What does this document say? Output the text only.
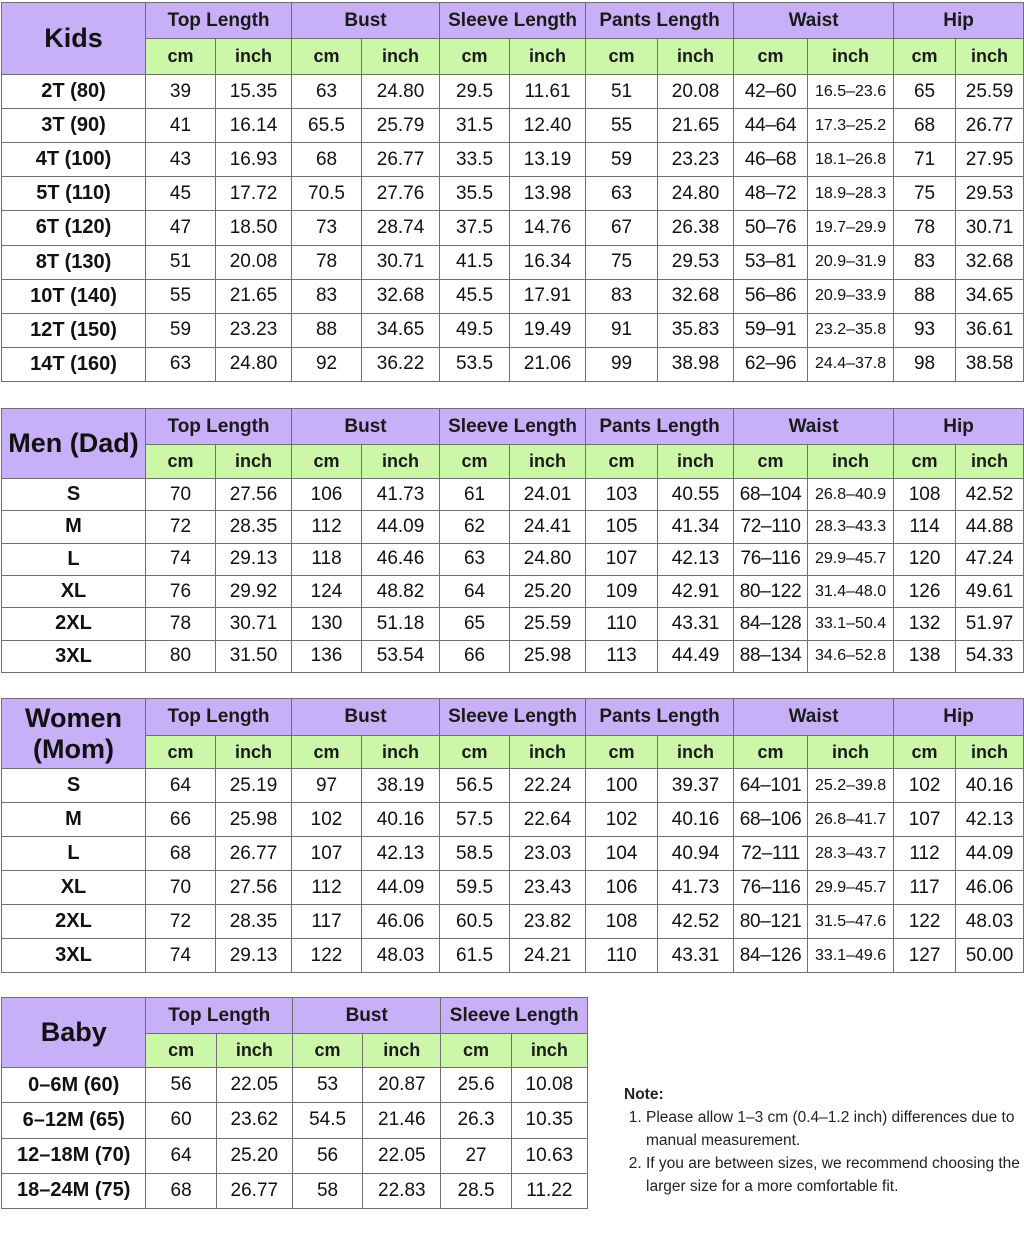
Kids	Top Length		Bust		Sleeve Length		Pants Length		Waist		Hip	
	cm	inch	cm	inch	cm	inch	cm	inch	cm	inch	cm	inch
2T (80)	39	15.35	63	24.80	29.5	11.61	51	20.08	42–60	16.5–23.6	65	25.59
3T (90)	41	16.14	65.5	25.79	31.5	12.40	55	21.65	44–64	17.3–25.2	68	26.77
4T (100)	43	16.93	68	26.77	33.5	13.19	59	23.23	46–68	18.1–26.8	71	27.95
5T (110)	45	17.72	70.5	27.76	35.5	13.98	63	24.80	48–72	18.9–28.3	75	29.53
6T (120)	47	18.50	73	28.74	37.5	14.76	67	26.38	50–76	19.7–29.9	78	30.71
8T (130)	51	20.08	78	30.71	41.5	16.34	75	29.53	53–81	20.9–31.9	83	32.68
10T (140)	55	21.65	83	32.68	45.5	17.91	83	32.68	56–86	20.9–33.9	88	34.65
12T (150)	59	23.23	88	34.65	49.5	19.49	91	35.83	59–91	23.2–35.8	93	36.61
14T (160)	63	24.80	92	36.22	53.5	21.06	99	38.98	62–96	24.4–37.8	98	38.58
Men (Dad)	Top Length		Bust		Sleeve Length		Pants Length		Waist		Hip	
	cm	inch	cm	inch	cm	inch	cm	inch	cm	inch	cm	inch
S	70	27.56	106	41.73	61	24.01	103	40.55	68–104	26.8–40.9	108	42.52
M	72	28.35	112	44.09	62	24.41	105	41.34	72–110	28.3–43.3	114	44.88
L	74	29.13	118	46.46	63	24.80	107	42.13	76–116	29.9–45.7	120	47.24
XL	76	29.92	124	48.82	64	25.20	109	42.91	80–122	31.4–48.0	126	49.61
2XL	78	30.71	130	51.18	65	25.59	110	43.31	84–128	33.1–50.4	132	51.97
3XL	80	31.50	136	53.54	66	25.98	113	44.49	88–134	34.6–52.8	138	54.33
Women (Mom)	Top Length		Bust		Sleeve Length		Pants Length		Waist		Hip	
	cm	inch	cm	inch	cm	inch	cm	inch	cm	inch	cm	inch
S	64	25.19	97	38.19	56.5	22.24	100	39.37	64–101	25.2–39.8	102	40.16
M	66	25.98	102	40.16	57.5	22.64	102	40.16	68–106	26.8–41.7	107	42.13
L	68	26.77	107	42.13	58.5	23.03	104	40.94	72–111	28.3–43.7	112	44.09
XL	70	27.56	112	44.09	59.5	23.43	106	41.73	76–116	29.9–45.7	117	46.06
2XL	72	28.35	117	46.06	60.5	23.82	108	42.52	80–121	31.5–47.6	122	48.03
3XL	74	29.13	122	48.03	61.5	24.21	110	43.31	84–126	33.1–49.6	127	50.00
Baby	Top Length		Bust		Sleeve Length	
	cm	inch	cm	inch	cm	inch
0–6M (60)	56	22.05	53	20.87	25.6	10.08
6–12M (65)	60	23.62	54.5	21.46	26.3	10.35
12–18M (70)	64	25.20	56	22.05	27	10.63
18–24M (75)	68	26.77	58	22.83	28.5	11.22
Note:
1. Please allow 1–3 cm (0.4–1.2 inch) differences due to manual measurement.
2. If you are between sizes, we recommend choosing the larger size for a more comfortable fit.
